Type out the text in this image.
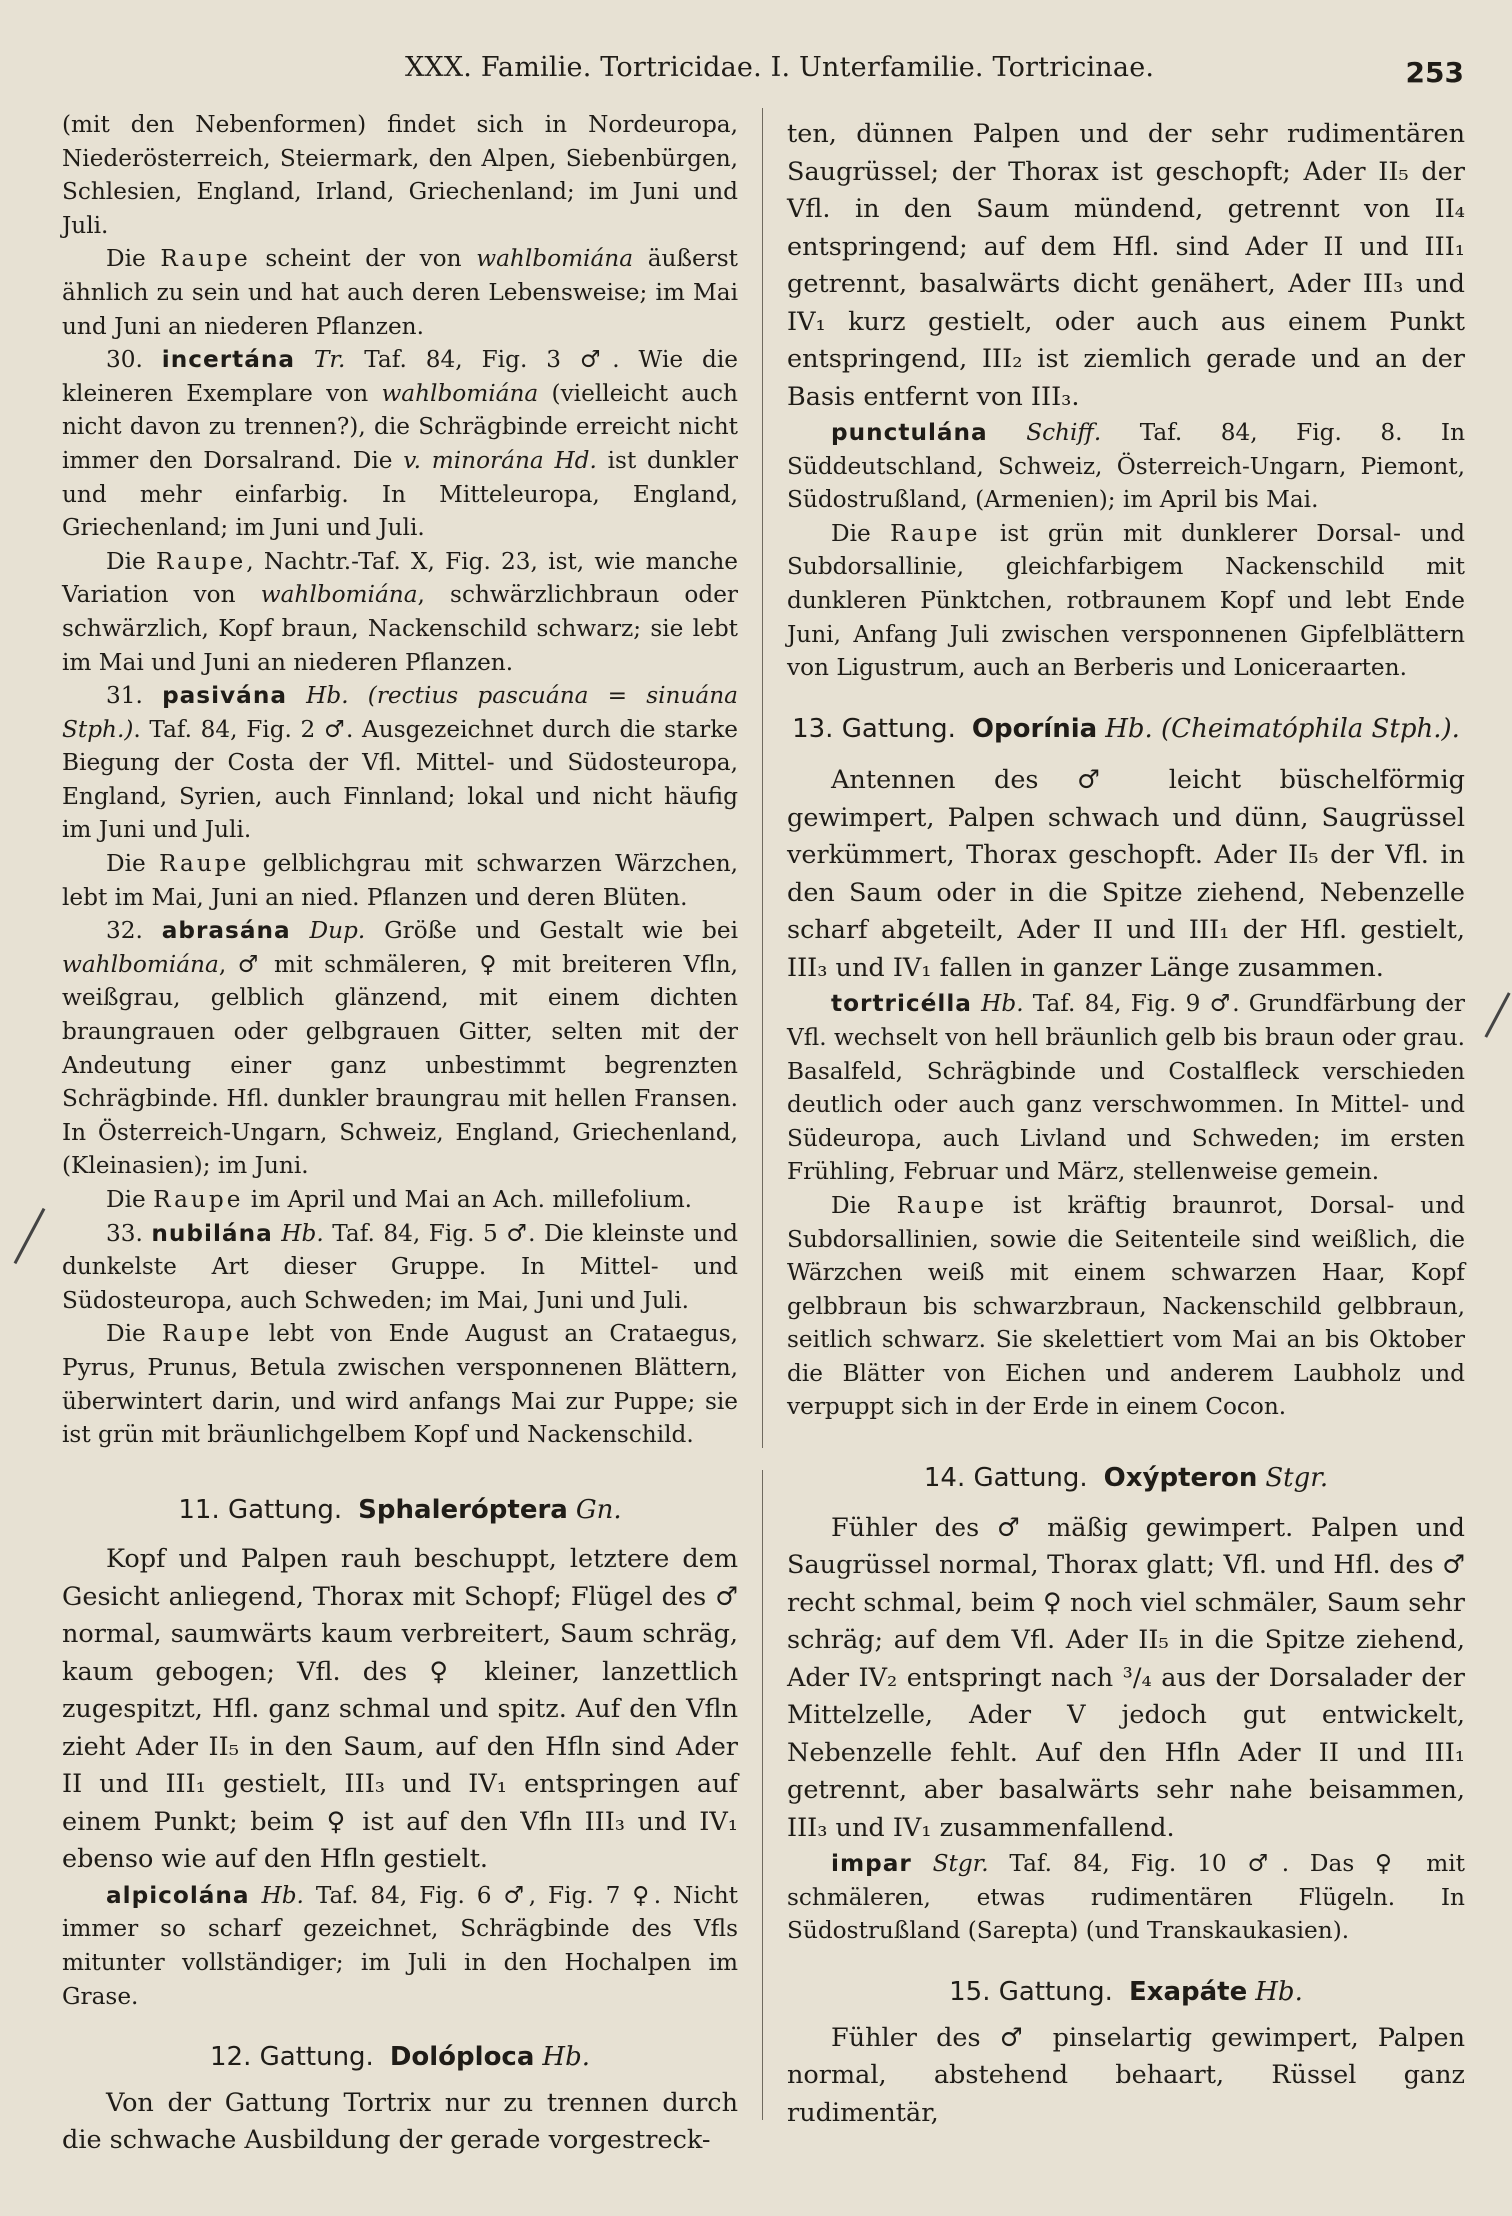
XXX. Familie. Tortricidae. I. Unterfamilie. Tortricinae.	253

(mit den Nebenformen) findet sich in Nordeuropa, Niederösterreich, Steiermark, den Alpen, Siebenbürgen, Schlesien, England, Irland, Griechenland; im Juni und Juli.

Die Raupe scheint der von wahlbomiána äußerst ähnlich zu sein und hat auch deren Lebensweise; im Mai und Juni an niederen Pflanzen.

30. incertána Tr. Taf. 84, Fig. 3 ♂. Wie die kleineren Exemplare von wahlbomiána (vielleicht auch nicht davon zu trennen?), die Schrägbinde erreicht nicht immer den Dorsalrand. Die v. minorána Hd. ist dunkler und mehr einfarbig. In Mitteleuropa, England, Griechenland; im Juni und Juli.

Die Raupe, Nachtr.-Taf. X, Fig. 23, ist, wie manche Variation von wahlbomiána, schwärzlichbraun oder schwärzlich, Kopf braun, Nackenschild schwarz; sie lebt im Mai und Juni an niederen Pflanzen.

31. pasivána Hb. (rectius pascuána = sinuána Stph.). Taf. 84, Fig. 2 ♂. Ausgezeichnet durch die starke Biegung der Costa der Vfl. Mittel- und Südosteuropa, England, Syrien, auch Finnland; lokal und nicht häufig im Juni und Juli.

Die Raupe gelblichgrau mit schwarzen Wärzchen, lebt im Mai, Juni an nied. Pflanzen und deren Blüten.

32. abrasána Dup. Größe und Gestalt wie bei wahlbomiána, ♂ mit schmäleren, ♀ mit breiteren Vfln, weißgrau, gelblich glänzend, mit einem dichten braungrauen oder gelbgrauen Gitter, selten mit der Andeutung einer ganz unbestimmt begrenzten Schrägbinde. Hfl. dunkler braungrau mit hellen Fransen. In Österreich-Ungarn, Schweiz, England, Griechenland, (Kleinasien); im Juni.

Die Raupe im April und Mai an Ach. millefolium.

33. nubilána Hb. Taf. 84, Fig. 5 ♂. Die kleinste und dunkelste Art dieser Gruppe. In Mittel- und Südosteuropa, auch Schweden; im Mai, Juni und Juli.

Die Raupe lebt von Ende August an Crataegus, Pyrus, Prunus, Betula zwischen versponnenen Blättern, überwintert darin, und wird anfangs Mai zur Puppe; sie ist grün mit bräunlichgelbem Kopf und Nackenschild.

11. Gattung. Sphaleróptera Gn.

Kopf und Palpen rauh beschuppt, letztere dem Gesicht anliegend, Thorax mit Schopf; Flügel des ♂ normal, saumwärts kaum verbreitert, Saum schräg, kaum gebogen; Vfl. des ♀ kleiner, lanzettlich zugespitzt, Hfl. ganz schmal und spitz. Auf den Vfln zieht Ader II₅ in den Saum, auf den Hfln sind Ader II und III₁ gestielt, III₃ und IV₁ entspringen auf einem Punkt; beim ♀ ist auf den Vfln III₃ und IV₁ ebenso wie auf den Hfln gestielt.

alpicolána Hb. Taf. 84, Fig. 6 ♂, Fig. 7 ♀. Nicht immer so scharf gezeichnet, Schrägbinde des Vfls mitunter vollständiger; im Juli in den Hochalpen im Grase.

12. Gattung. Dolóploca Hb.

Von der Gattung Tortrix nur zu trennen durch die schwache Ausbildung der gerade vorgestreck-

ten, dünnen Palpen und der sehr rudimentären Saugrüssel; der Thorax ist geschopft; Ader II₅ der Vfl. in den Saum mündend, getrennt von II₄ entspringend; auf dem Hfl. sind Ader II und III₁ getrennt, basalwärts dicht genähert, Ader III₃ und IV₁ kurz gestielt, oder auch aus einem Punkt entspringend, III₂ ist ziemlich gerade und an der Basis entfernt von III₃.

punctulána Schiff. Taf. 84, Fig. 8. In Süddeutschland, Schweiz, Österreich-Ungarn, Piemont, Südostrußland, (Armenien); im April bis Mai.

Die Raupe ist grün mit dunklerer Dorsal- und Subdorsallinie, gleichfarbigem Nackenschild mit dunkleren Pünktchen, rotbraunem Kopf und lebt Ende Juni, Anfang Juli zwischen versponnenen Gipfelblättern von Ligustrum, auch an Berberis und Loniceraarten.

13. Gattung. Oporínia Hb. (Cheimatóphila Stph.).

Antennen des ♂ leicht büschelförmig gewimpert, Palpen schwach und dünn, Saugrüssel verkümmert, Thorax geschopft. Ader II₅ der Vfl. in den Saum oder in die Spitze ziehend, Nebenzelle scharf abgeteilt, Ader II und III₁ der Hfl. gestielt, III₃ und IV₁ fallen in ganzer Länge zusammen.

tortricélla Hb. Taf. 84, Fig. 9 ♂. Grundfärbung der Vfl. wechselt von hell bräunlich gelb bis braun oder grau. Basalfeld, Schrägbinde und Costalfleck verschieden deutlich oder auch ganz verschwommen. In Mittel- und Südeuropa, auch Livland und Schweden; im ersten Frühling, Februar und März, stellenweise gemein.

Die Raupe ist kräftig braunrot, Dorsal- und Subdorsallinien, sowie die Seitenteile sind weißlich, die Wärzchen weiß mit einem schwarzen Haar, Kopf gelbbraun bis schwarzbraun, Nackenschild gelbbraun, seitlich schwarz. Sie skelettiert vom Mai an bis Oktober die Blätter von Eichen und anderem Laubholz und verpuppt sich in der Erde in einem Cocon.

14. Gattung. Oxýpteron Stgr.

Fühler des ♂ mäßig gewimpert. Palpen und Saugrüssel normal, Thorax glatt; Vfl. und Hfl. des ♂ recht schmal, beim ♀ noch viel schmäler, Saum sehr schräg; auf dem Vfl. Ader II₅ in die Spitze ziehend, Ader IV₂ entspringt nach ³/₄ aus der Dorsalader der Mittelzelle, Ader V jedoch gut entwickelt, Nebenzelle fehlt. Auf den Hfln Ader II und III₁ getrennt, aber basalwärts sehr nahe beisammen, III₃ und IV₁ zusammenfallend.

impar Stgr. Taf. 84, Fig. 10 ♂. Das ♀ mit schmäleren, etwas rudimentären Flügeln. In Südostrußland (Sarepta) (und Transkaukasien).

15. Gattung. Exapáte Hb.

Fühler des ♂ pinselartig gewimpert, Palpen normal, abstehend behaart, Rüssel ganz rudimentär,
